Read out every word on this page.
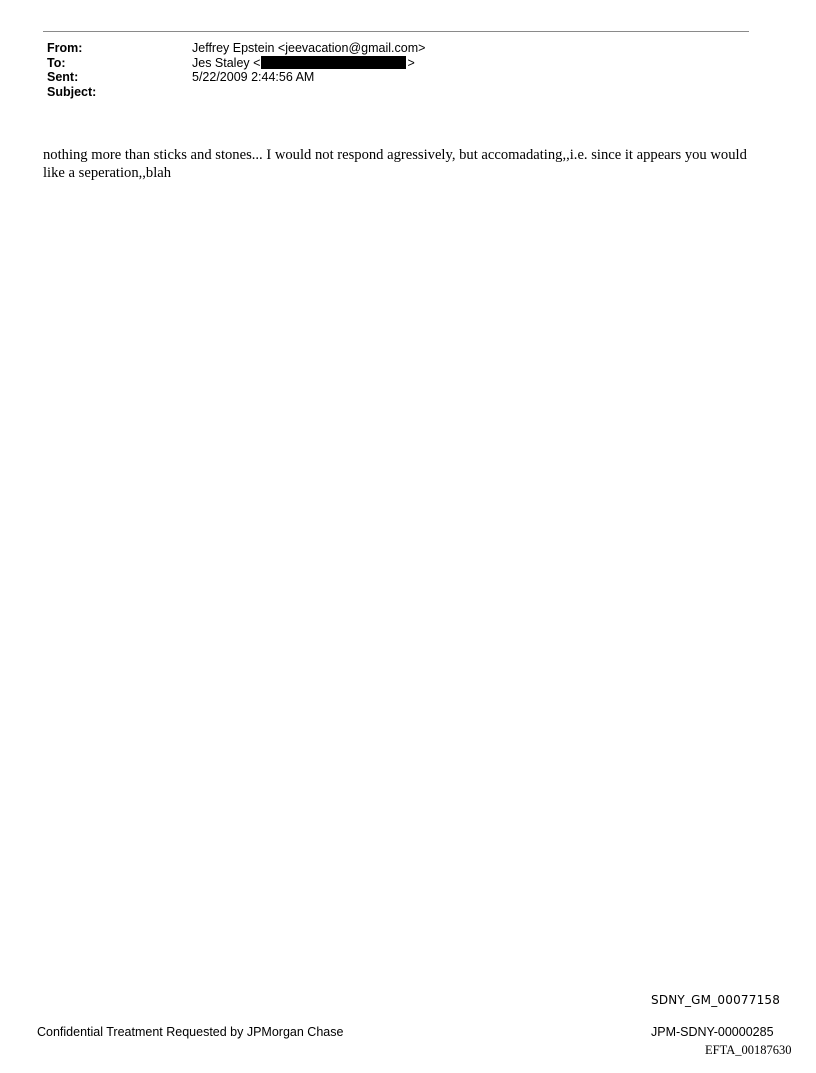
From:	Jeffrey Epstein <jeevacation@gmail.com>
To:	Jes Staley <	>
Sent:	5/22/2009 2:44:56 AM
Subject:
nothing more than sticks and stones... I would not respond agressively, but accomadating,,i.e. since it appears you would like a seperation,,blah
SDNY_GM_00077158
Confidential Treatment Requested by JPMorgan Chase	JPM-SDNY-00000285
EFTA_00187630
